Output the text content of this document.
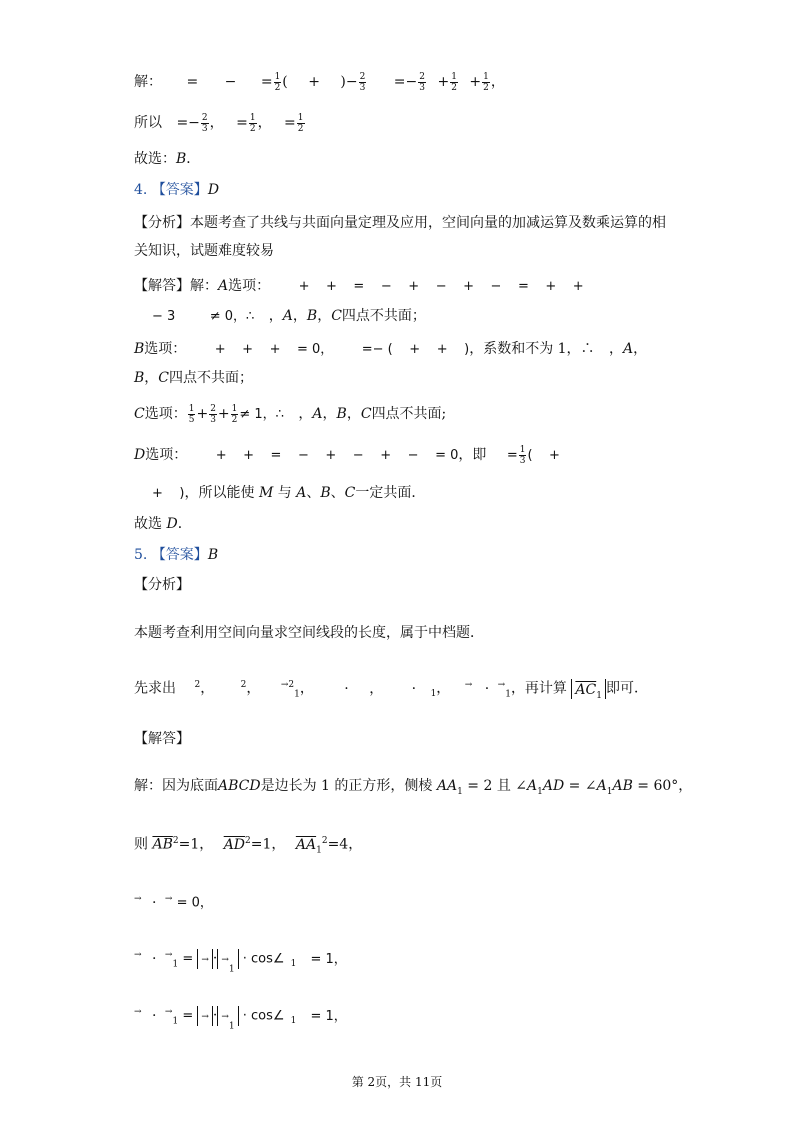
解： = − = $\frac{1}{2}$ ( + )− $\frac{2}{3} =- \frac{2}{3} + \frac{1}{2} + \frac{1}{2}$ ，
所以 =− $\frac{2}{3}$ ， = $\frac{1}{2}$ ， = $\frac{1}{2}$
故选：B．
4. 【答案】D
【分析】本题考查了共线与共面向量定理及应用，空间向量的加减运算及数乘运算的相
关知识，试题难度较易
【解答】解：A选项： +    +    =    −    +    −    +    −    =    +    +
− 3	≠ 0，∴ ，A，B，C四点不共面；
B选项： +    +    +    = 0， =− (    +    +    )，系数和不为 1，∴ ，A，
B，C四点不共面；
C选项： $\frac{1}{5} + \frac{2}{3} + \frac{1}{2} \ne 1$，∴ ，A，B，C四点不共面;
D选项： +    +    =    −    +    −    +    −    = 0，即 = $\frac{1}{3}$ (    +
+    )，所以能使 M 与 A、B、C一定共面．
故选 D．
5. 【答案】B
【分析】
本题考查利用空间向量求空间线段的长度，属于中档题．
先求出 $^2$，	$^2$， $^{\to 2}_1$， · ， · $_1$， → · →$_1$，再计算 $\overline{AC}_1$ 即可．
【解答】
解：因为底面ABCD是边长为 1 的正方形，侧棱 $AA_1 = 2$ 且 $\angle A_1AD$ = $\angle A_1AB = 60^\circ$，
则 $\overline{AB}^2=1$， $\overline{AD}^2=1$， $\overline{AA}_1^2=4$，
→ · → = 0，
→ · →$_1$ = → · →$_1$ · cos∠ $_1$ = 1，
→ · →$_1$ = → · →$_1$ · cos∠ $_1$ = 1，
第 2页，共 11页
